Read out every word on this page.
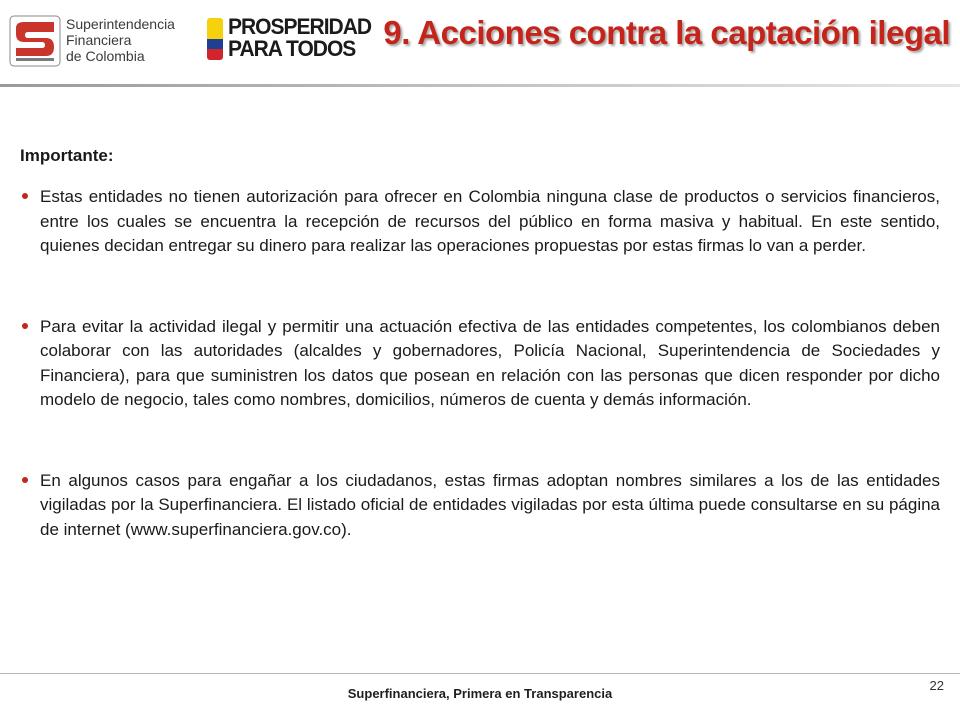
Superintendencia
Financiera
de Colombia
PROSPERIDAD
PARA TODOS 9. Acciones contra la captación ilegal
Importante:

Estas entidades no tienen autorización para ofrecer en Colombia ninguna clase de productos o servicios financieros, entre los cuales se encuentra la recepción de recursos del público en forma masiva y habitual. En este sentido, quienes decidan entregar su dinero para realizar las operaciones propuestas por estas firmas lo van a perder.

Para evitar la actividad ilegal y permitir una actuación efectiva de las entidades competentes, los colombianos deben colaborar con las autoridades (alcaldes y gobernadores, Policía Nacional, Superintendencia de Sociedades y Financiera), para que suministren los datos que posean en relación con las personas que dicen responder por dicho modelo de negocio, tales como nombres, domicilios, números de cuenta y demás información.

En algunos casos para engañar a los ciudadanos, estas firmas adoptan nombres similares a los de las entidades vigiladas por la Superfinanciera. El listado oficial de entidades vigiladas por esta última puede consultarse en su página de internet (www.superfinanciera.gov.co).

Superfinanciera, Primera en Transparencia
22
